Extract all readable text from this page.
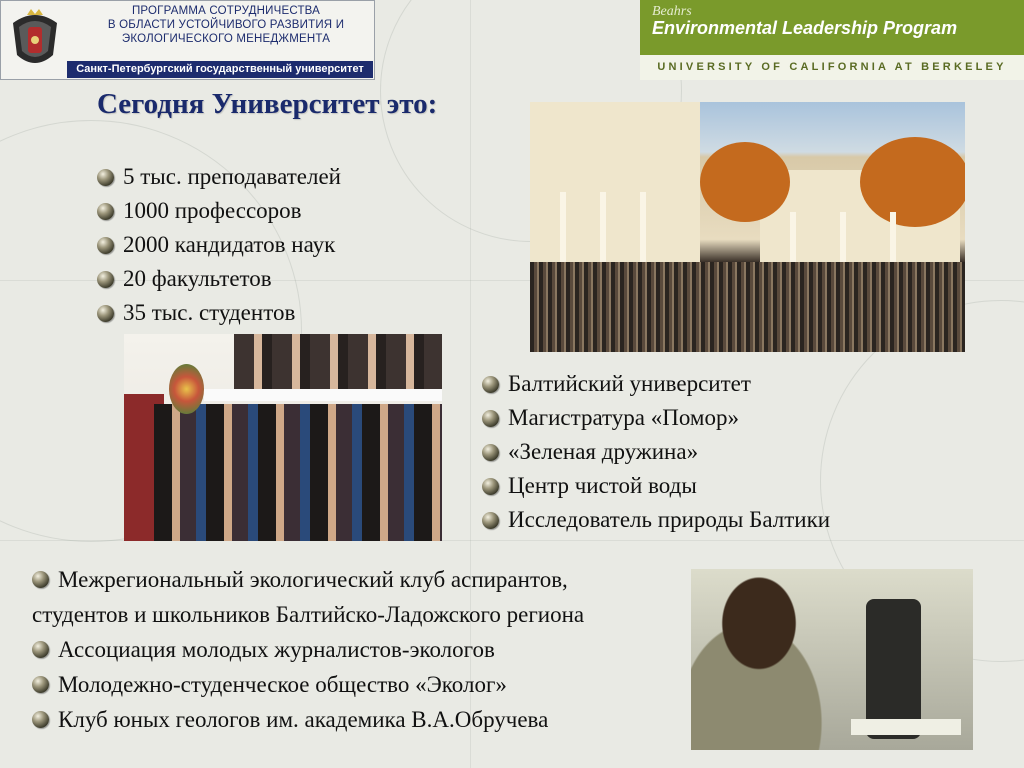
ПРОГРАММА СОТРУДНИЧЕСТВА
В ОБЛАСТИ УСТОЙЧИВОГО РАЗВИТИЯ И
ЭКОЛОГИЧЕСКОГО МЕНЕДЖМЕНТА
Санкт-Петербургский государственный университет
Beahrs
Environmental Leadership Program
UNIVERSITY OF CALIFORNIA AT BERKELEY
Сегодня Университет это:
5 тыс. преподавателей
1000 профессоров
2000 кандидатов наук
20 факультетов
35 тыс. студентов
Балтийский университет
Магистратура «Помор»
«Зеленая дружина»
Центр чистой воды
Исследователь природы Балтики
Межрегиональный экологический клуб аспирантов,
студентов и школьников Балтийско-Ладожского региона
Ассоциация молодых журналистов-экологов
Молодежно-студенческое общество «Эколог»
Клуб юных геологов им. академика В.А.Обручева
